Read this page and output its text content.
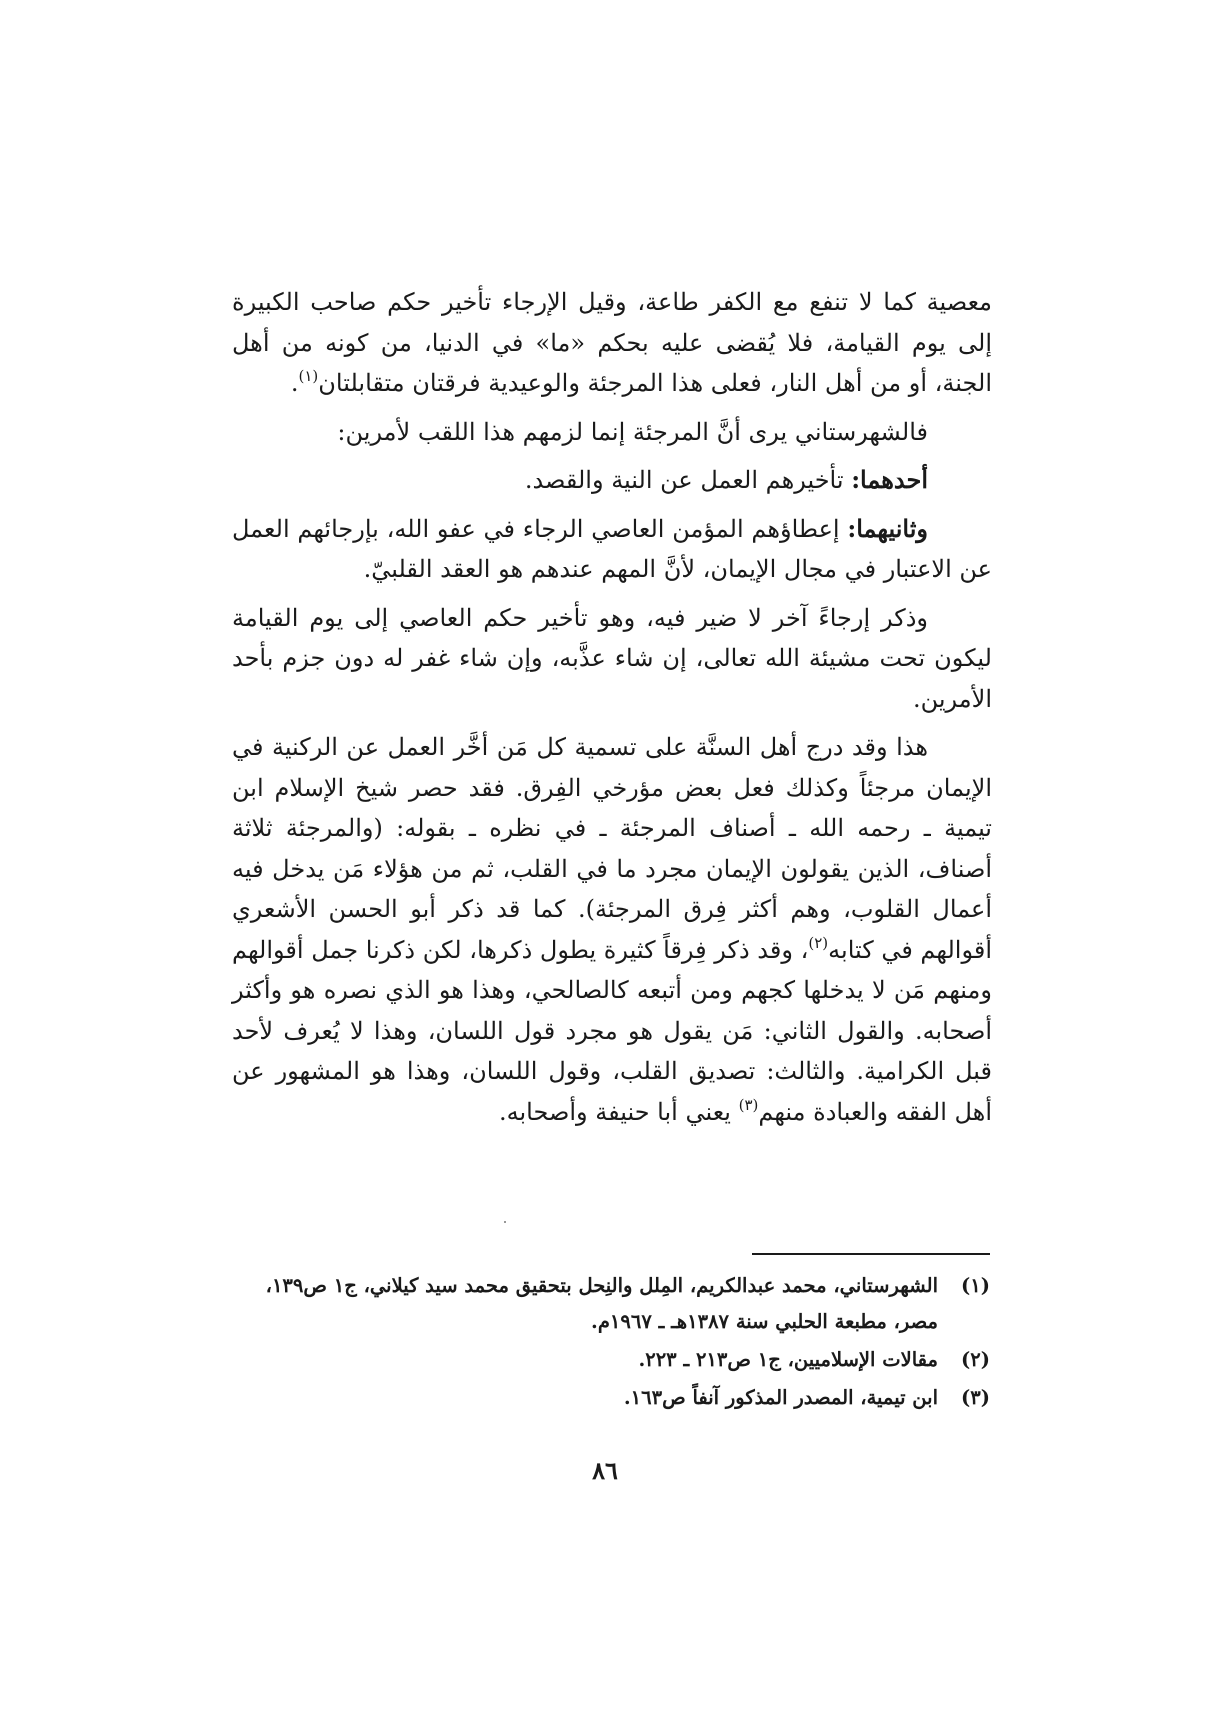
معصية كما لا تنفع مع الكفر طاعة، وقيل الإرجاء تأخير حكم صاحب الكبيرة إلى يوم القيامة، فلا يُقضى عليه بحكم «ما» في الدنيا، من كونه من أهل الجنة، أو من أهل النار، فعلى هذا المرجئة والوعيدية فرقتان متقابلتان$^{(١)}$.

فالشهرستاني يرى أنَّ المرجئة إنما لزمهم هذا اللقب لأمرين:

أحدهما: تأخيرهم العمل عن النية والقصد.

وثانيهما: إعطاؤهم المؤمن العاصي الرجاء في عفو الله، بإرجائهم العمل عن الاعتبار في مجال الإيمان، لأنَّ المهم عندهم هو العقد القلبيّ.

وذكر إرجاءً آخر لا ضير فيه، وهو تأخير حكم العاصي إلى يوم القيامة ليكون تحت مشيئة الله تعالى، إن شاء عذَّبه، وإن شاء غفر له دون جزم بأحد الأمرين.

هذا وقد درج أهل السنَّة على تسمية كل مَن أخَّر العمل عن الركنية في الإيمان مرجئاً وكذلك فعل بعض مؤرخي الفِرق. فقد حصر شيخ الإسلام ابن تيمية ـ رحمه الله ـ أصناف المرجئة ـ في نظره ـ بقوله: (والمرجئة ثلاثة أصناف، الذين يقولون الإيمان مجرد ما في القلب، ثم من هؤلاء مَن يدخل فيه أعمال القلوب، وهم أكثر فِرق المرجئة). كما قد ذكر أبو الحسن الأشعري أقوالهم في كتابه$^{(٢)}$، وقد ذكر فِرقاً كثيرة يطول ذكرها، لكن ذكرنا جمل أقوالهم ومنهم مَن لا يدخلها كجهم ومن أتبعه كالصالحي، وهذا هو الذي نصره هو وأكثر أصحابه. والقول الثاني: مَن يقول هو مجرد قول اللسان، وهذا لا يُعرف لأحد قبل الكرامية. والثالث: تصديق القلب، وقول اللسان، وهذا هو المشهور عن أهل الفقه والعبادة منهم$^{(٣)}$ يعني أبا حنيفة وأصحابه.

(١)
الشهرستاني، محمد عبدالكريم، المِلل والنِحل بتحقيق محمد سيد كيلاني، ج١ ص١٣٩، مصر، مطبعة الحلبي سنة ١٣٨٧هـ ـ ١٩٦٧م.

(٢)
مقالات الإسلاميين، ج١ ص٢١٣ ـ ٢٢٣.

(٣)
ابن تيمية، المصدر المذكور آنفاً ص١٦٣.

٨٦
